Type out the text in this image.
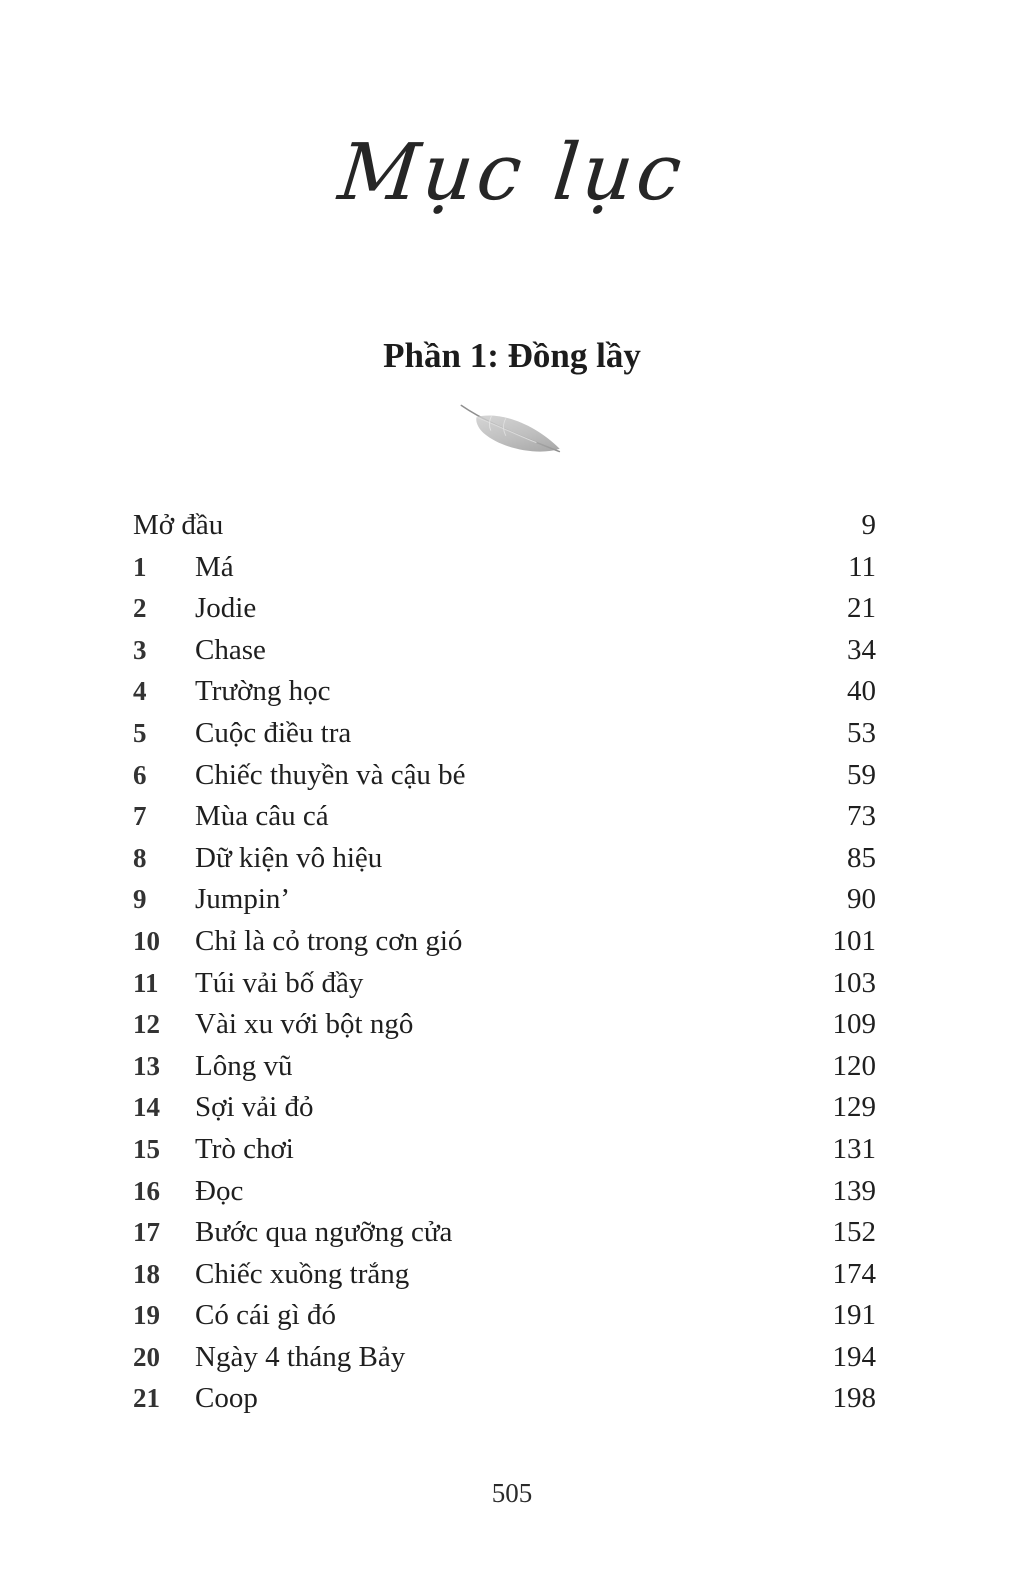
Mục lục
Phần 1: Đồng lầy
Mở đầu	9
1	Má	11
2	Jodie	21
3	Chase	34
4	Trường học	40
5	Cuộc điều tra	53
6	Chiếc thuyền và cậu bé	59
7	Mùa câu cá	73
8	Dữ kiện vô hiệu	85
9	Jumpin’	90
10	Chỉ là cỏ trong cơn gió	101
11	Túi vải bố đầy	103
12	Vài xu với bột ngô	109
13	Lông vũ	120
14	Sợi vải đỏ	129
15	Trò chơi	131
16	Đọc	139
17	Bước qua ngưỡng cửa	152
18	Chiếc xuồng trắng	174
19	Có cái gì đó	191
20	Ngày 4 tháng Bảy	194
21	Coop	198
505
